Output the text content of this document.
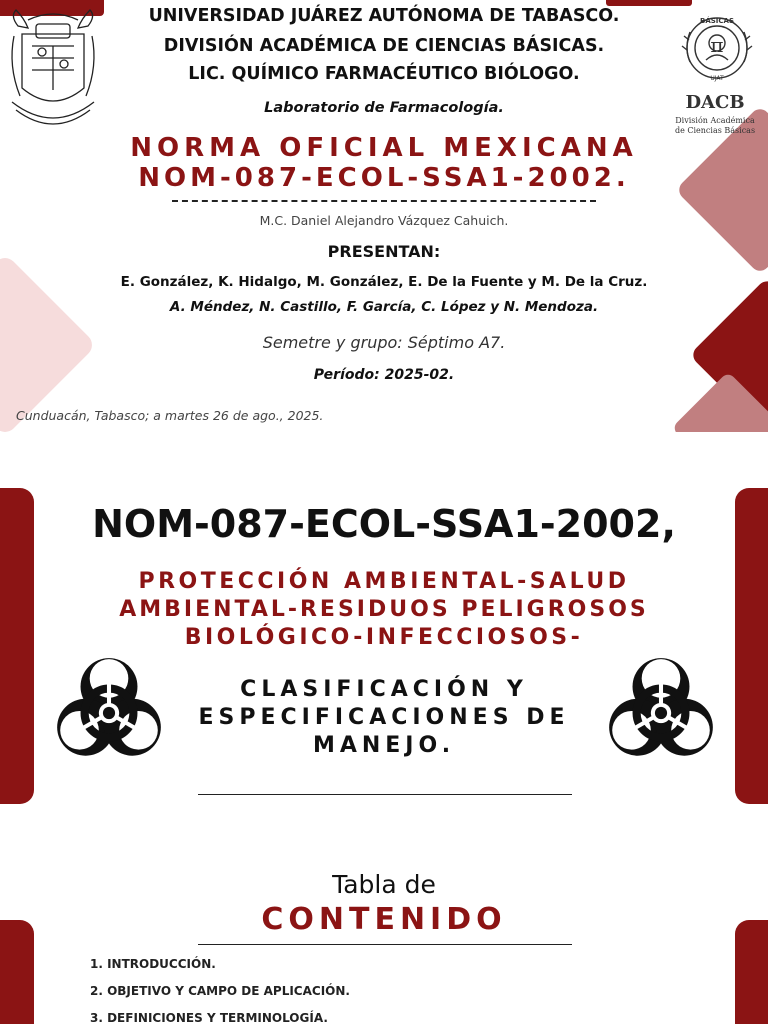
UNIVERSIDAD JUÁREZ AUTÓNOMA DE TABASCO.
DIVISIÓN ACADÉMICA DE CIENCIAS BÁSICAS.
LIC. QUÍMICO FARMACÉUTICO BIÓLOGO.
Laboratorio de Farmacología.
BÁSICAS
UJAT
π
DACB
División Académica
de Ciencias Básicas
NORMA OFICIAL MEXICANA
NOM-087-ECOL-SSA1-2002.
M.C. Daniel Alejandro Vázquez Cahuich.
PRESENTAN:
E. González, K. Hidalgo, M. González, E. De la Fuente y M. De la Cruz.
A. Méndez, N. Castillo, F. García, C. López y N. Mendoza.
Semetre y grupo: Séptimo A7.
Período: 2025-02.
Cunduacán, Tabasco; a martes 26 de ago., 2025.
NOM-087-ECOL-SSA1-2002,
PROTECCIÓN AMBIENTAL-SALUD
AMBIENTAL-RESIDUOS PELIGROSOS
BIOLÓGICO-INFECCIOSOS-
CLASIFICACIÓN Y
ESPECIFICACIONES DE
MANEJO.
Tabla de
CONTENIDO
1. INTRODUCCIÓN.
2. OBJETIVO Y CAMPO DE APLICACIÓN.
3. DEFINICIONES Y TERMINOLOGÍA.
